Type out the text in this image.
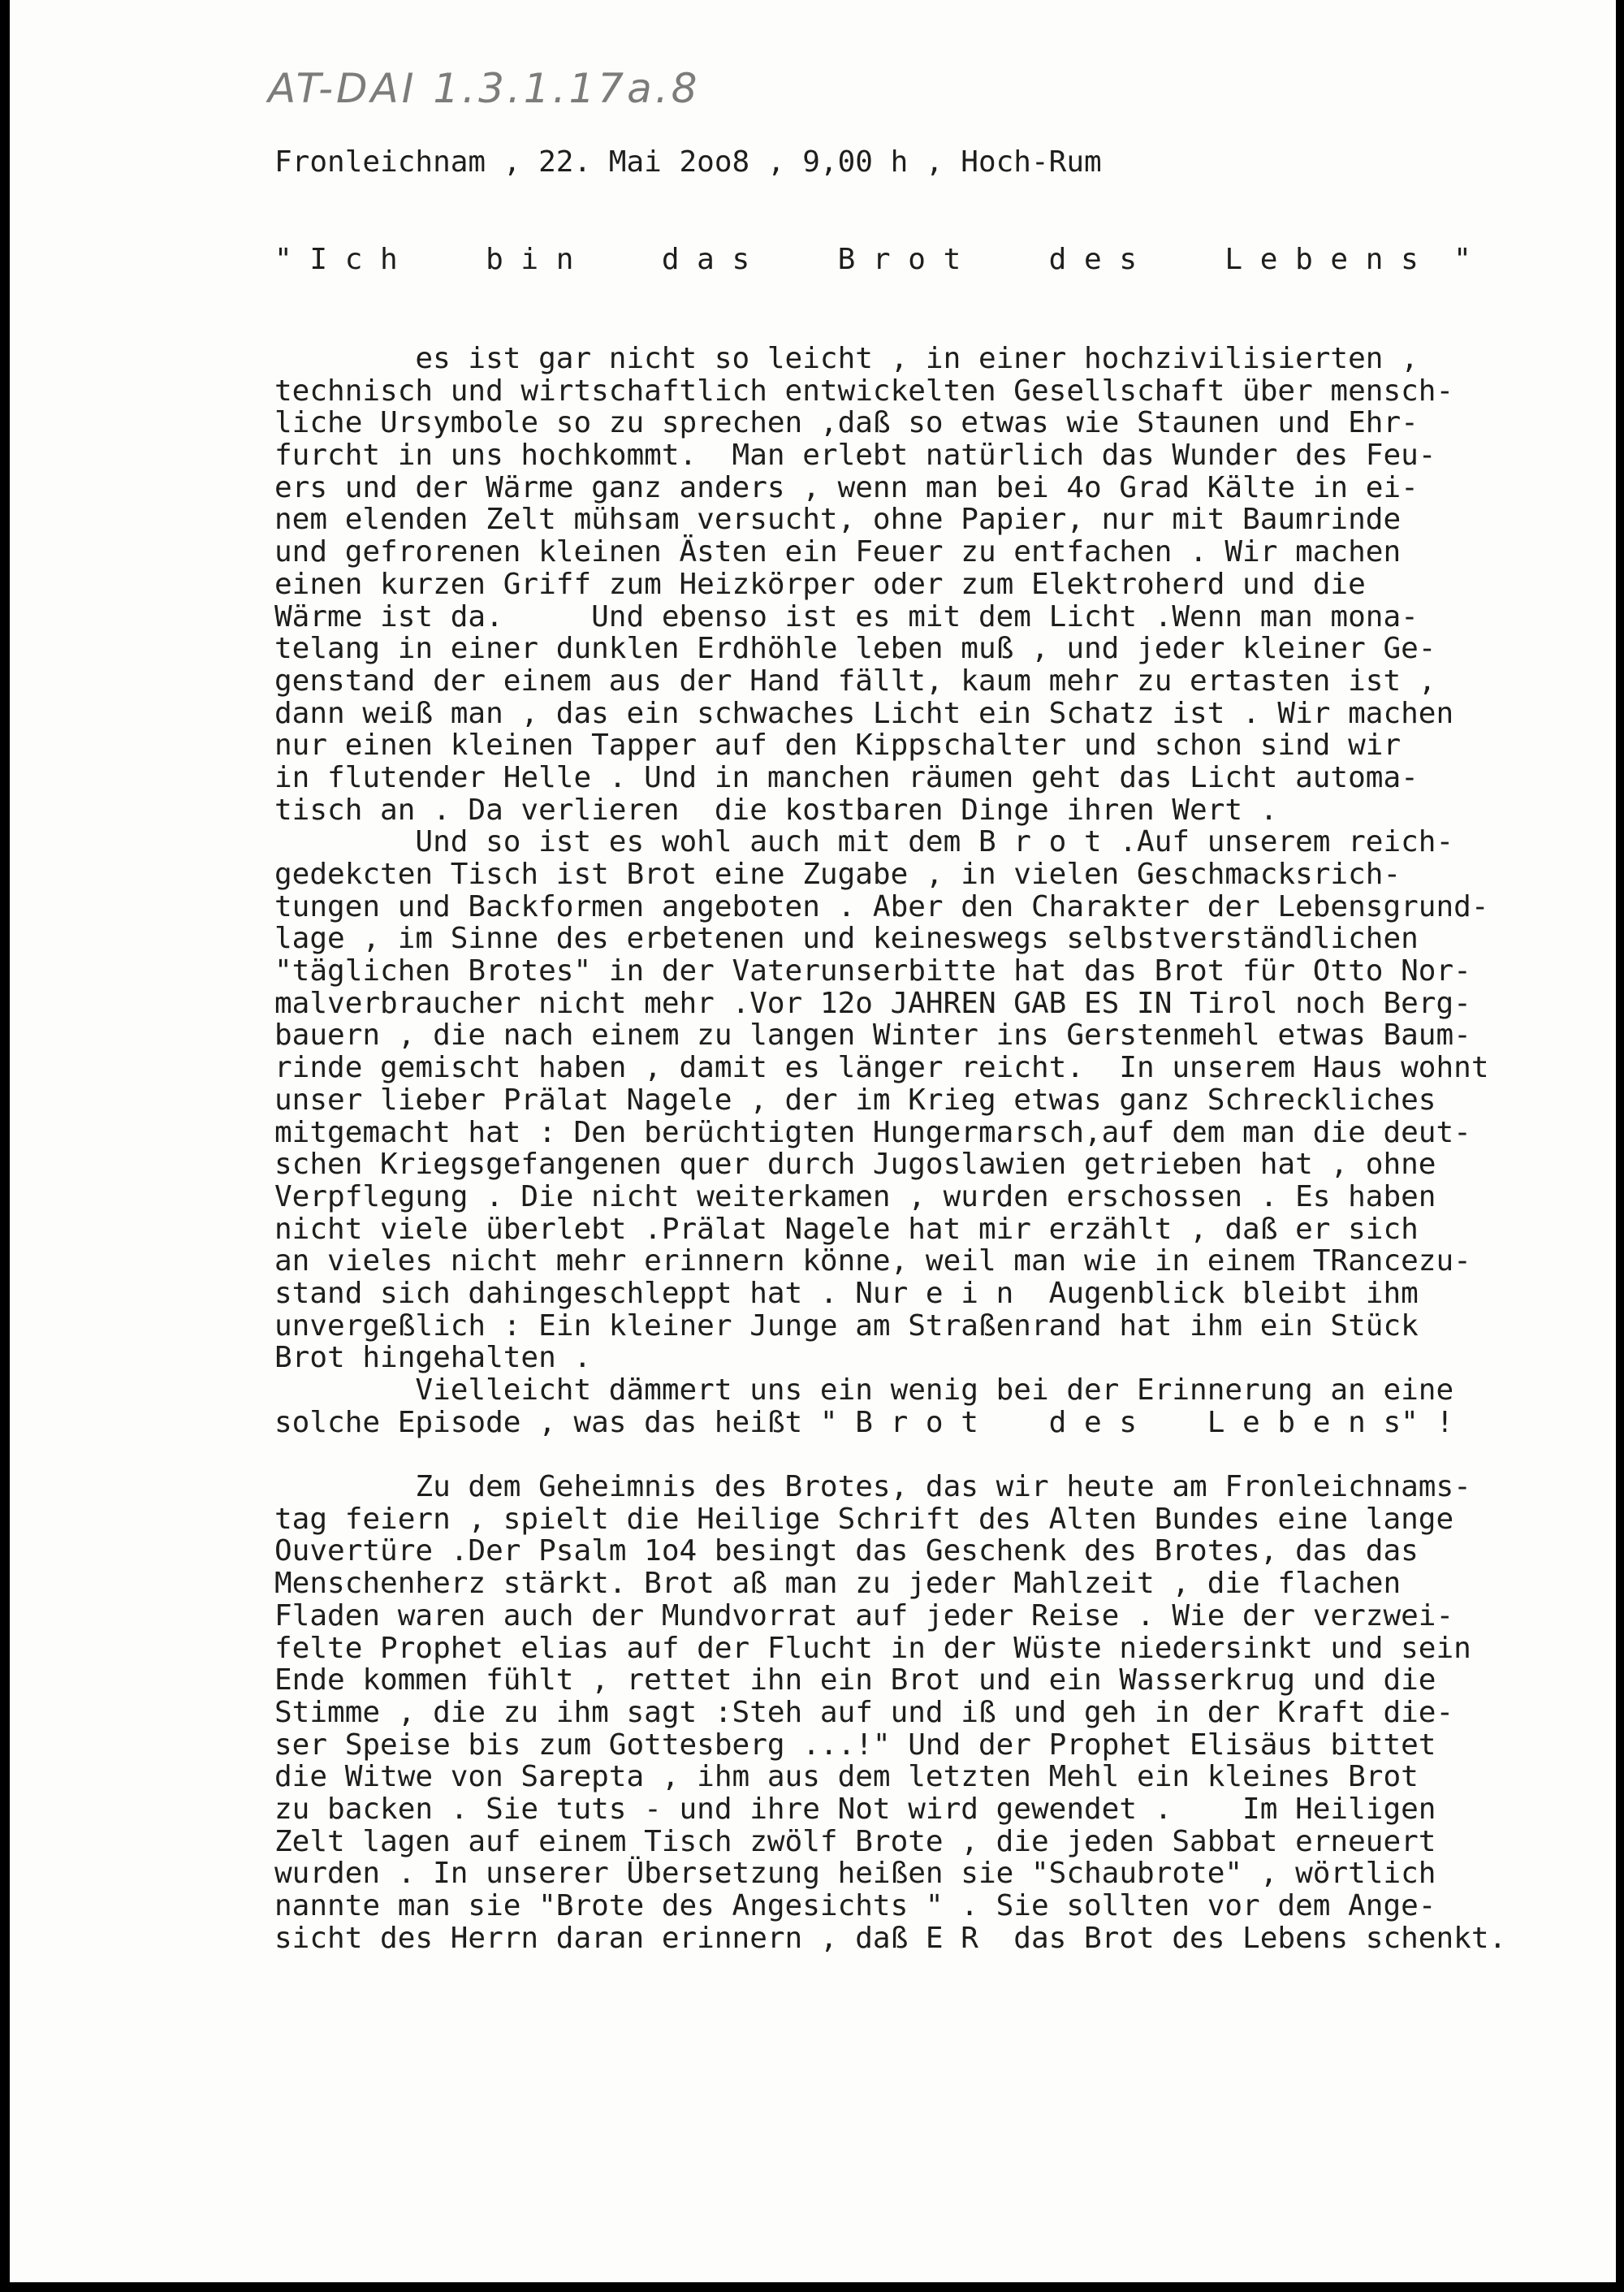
AT-DAI 1.3.1.17a.8
Fronleichnam , 22. Mai 2oo8 , 9,00 h , Hoch-Rum
" I c h     b i n     d a s     B r o t     d e s     L e b e n s  "
es ist gar nicht so leicht , in einer hochzivilisierten ,
technisch und wirtschaftlich entwickelten Gesellschaft über mensch-
liche Ursymbole so zu sprechen ,daß so etwas wie Staunen und Ehr-
furcht in uns hochkommt.  Man erlebt natürlich das Wunder des Feu-
ers und der Wärme ganz anders , wenn man bei 4o Grad Kälte in ei-
nem elenden Zelt mühsam versucht, ohne Papier, nur mit Baumrinde
und gefrorenen kleinen Ästen ein Feuer zu entfachen . Wir machen
einen kurzen Griff zum Heizkörper oder zum Elektroherd und die
Wärme ist da.     Und ebenso ist es mit dem Licht .Wenn man mona-
telang in einer dunklen Erdhöhle leben muß , und jeder kleiner Ge-
genstand der einem aus der Hand fällt, kaum mehr zu ertasten ist ,
dann weiß man , das ein schwaches Licht ein Schatz ist . Wir machen
nur einen kleinen Tapper auf den Kippschalter und schon sind wir
in flutender Helle . Und in manchen räumen geht das Licht automa-
tisch an . Da verlieren  die kostbaren Dinge ihren Wert .
Und so ist es wohl auch mit dem B r o t .Auf unserem reich-
gedekcten Tisch ist Brot eine Zugabe , in vielen Geschmacksrich-
tungen und Backformen angeboten . Aber den Charakter der Lebensgrund-
lage , im Sinne des erbetenen und keineswegs selbstverständlichen
"täglichen Brotes" in der Vaterunserbitte hat das Brot für Otto Nor-
malverbraucher nicht mehr .Vor 12o JAHREN GAB ES IN Tirol noch Berg-
bauern , die nach einem zu langen Winter ins Gerstenmehl etwas Baum-
rinde gemischt haben , damit es länger reicht.  In unserem Haus wohnt
unser lieber Prälat Nagele , der im Krieg etwas ganz Schreckliches
mitgemacht hat : Den berüchtigten Hungermarsch,auf dem man die deut-
schen Kriegsgefangenen quer durch Jugoslawien getrieben hat , ohne
Verpflegung . Die nicht weiterkamen , wurden erschossen . Es haben
nicht viele überlebt .Prälat Nagele hat mir erzählt , daß er sich
an vieles nicht mehr erinnern könne, weil man wie in einem TRancezu-
stand sich dahingeschleppt hat . Nur e i n  Augenblick bleibt ihm
unvergeßlich : Ein kleiner Junge am Straßenrand hat ihm ein Stück
Brot hingehalten .
Vielleicht dämmert uns ein wenig bei der Erinnerung an eine
solche Episode , was das heißt " B r o t    d e s    L e b e n s" !
Zu dem Geheimnis des Brotes, das wir heute am Fronleichnams-
tag feiern , spielt die Heilige Schrift des Alten Bundes eine lange
Ouvertüre .Der Psalm 1o4 besingt das Geschenk des Brotes, das das
Menschenherz stärkt. Brot aß man zu jeder Mahlzeit , die flachen
Fladen waren auch der Mundvorrat auf jeder Reise . Wie der verzwei-
felte Prophet elias auf der Flucht in der Wüste niedersinkt und sein
Ende kommen fühlt , rettet ihn ein Brot und ein Wasserkrug und die
Stimme , die zu ihm sagt :Steh auf und iß und geh in der Kraft die-
ser Speise bis zum Gottesberg ...!" Und der Prophet Elisäus bittet
die Witwe von Sarepta , ihm aus dem letzten Mehl ein kleines Brot
zu backen . Sie tuts - und ihre Not wird gewendet .    Im Heiligen
Zelt lagen auf einem Tisch zwölf Brote , die jeden Sabbat erneuert
wurden . In unserer Übersetzung heißen sie "Schaubrote" , wörtlich
nannte man sie "Brote des Angesichts " . Sie sollten vor dem Ange-
sicht des Herrn daran erinnern , daß E R  das Brot des Lebens schenkt.
